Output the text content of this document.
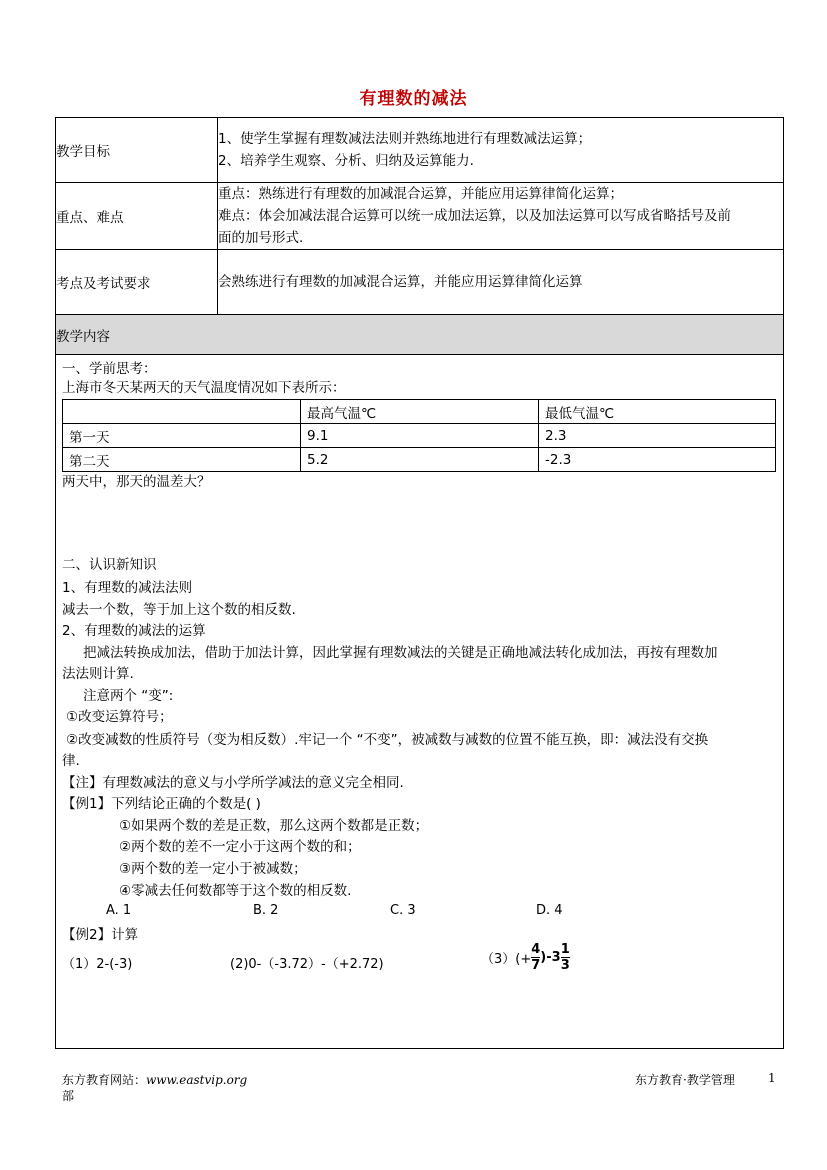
有理数的减法
教学目标	
1、使学生掌握有理数减法法则并熟练地进行有理数减法运算；
2、培养学生观察、分析、归纳及运算能力.

重点、难点	
重点：熟练进行有理数的加减混合运算，并能应用运算律简化运算；
难点：体会加减法混合运算可以统一成加法运算，以及加法运算可以写成省略括号及前
面的加号形式.

考点及考试要求	会熟练进行有理数的加减混合运算，并能应用运算律简化运算

教学内容

一、学前思考：
上海市冬天某两天的天气温度情况如下表所示：
	最高气温℃	最低气温℃
第一天	9.1	2.3
第二天	5.2	-2.3
两天中，那天的温差大？
二、认识新知识
1、有理数的减法法则
减去一个数，等于加上这个数的相反数.
2、有理数的减法的运算
把减法转换成加法，借助于加法计算，因此掌握有理数减法的关键是正确地减法转化成加法，再按有理数加
法法则计算.
注意两个 “变”:
①改变运算符号；
②改变减数的性质符号（变为相反数）.牢记一个 “不变”，被减数与减数的位置不能互换，即：减法没有交换
律.
【注】有理数减法的意义与小学所学减法的意义完全相同.
【例1】下列结论正确的个数是( )
①如果两个数的差是正数，那么这两个数都是正数；
②两个数的差不一定小于这两个数的和；
③两个数的差一定小于被减数；
④零减去任何数都等于这个数的相反数.
A. 1	B. 2	C. 3	D. 4
【例2】计算
（1）2-(-3)	(2)0-（-3.72）-（+2.72)	$(3)(+ \frac{4}{7} )-3 \frac{1}{3}$
东方教育网站：www.eastvip.org
部
东方教育·教学管理	1
